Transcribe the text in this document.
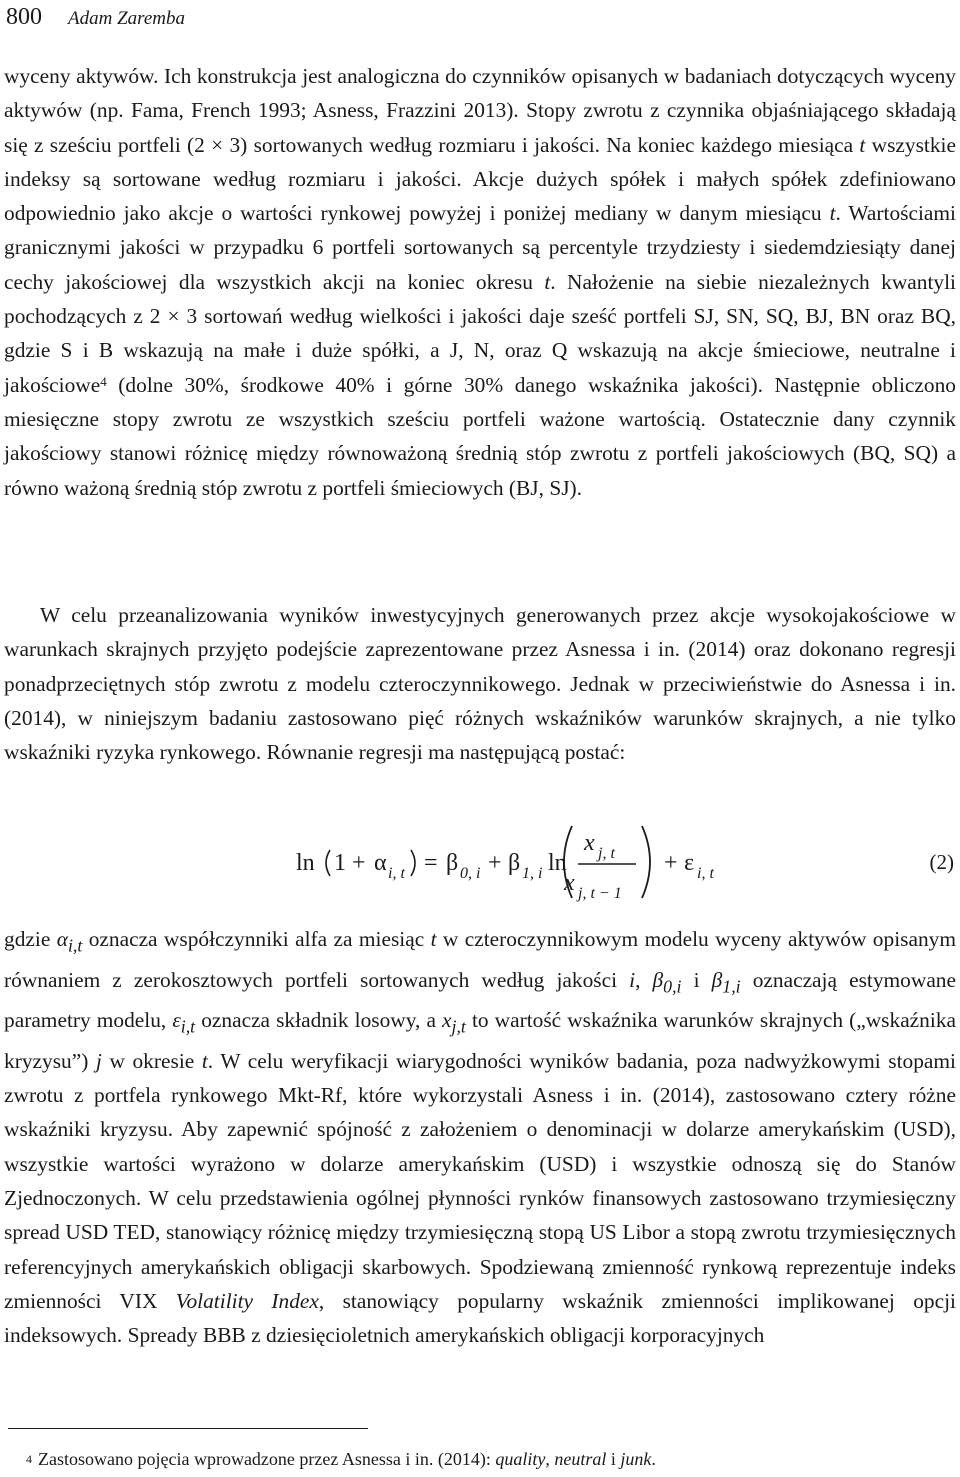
800 Adam Zaremba

wyceny aktywów. Ich konstrukcja jest analogiczna do czynników opisanych w badaniach dotyczących wyceny aktywów (np. Fama, French 1993; Asness, Frazzini 2013). Stopy zwrotu z czynnika objaśniającego składają się z sześciu portfeli (2 × 3) sortowanych według rozmiaru i jakości. Na koniec każdego miesiąca t wszystkie indeksy są sortowane według rozmiaru i jakości. Akcje dużych spółek i małych spółek zdefiniowano odpowiednio jako akcje o wartości rynkowej powyżej i poniżej mediany w danym miesiącu t. Wartościami granicznymi jakości w przypadku 6 portfeli sortowanych są percentyle trzydziesty i siedemdziesiąty danej cechy jakościowej dla wszystkich akcji na koniec okresu t. Nałożenie na siebie niezależnych kwantyli pochodzących z 2 × 3 sortowań według wielkości i jakości daje sześć portfeli SJ, SN, SQ, BJ, BN oraz BQ, gdzie S i B wskazują na małe i duże spółki, a J, N, oraz Q wskazują na akcje śmieciowe, neutralne i jakościowe$^4$ (dolne 30%, środkowe 40% i górne 30% danego wskaźnika jakości). Następnie obliczono miesięczne stopy zwrotu ze wszystkich sześciu portfeli ważone wartością. Ostatecznie dany czynnik jakościowy stanowi różnicę między równoważoną średnią stóp zwrotu z portfeli jakościowych (BQ, SQ) a równo ważoną średnią stóp zwrotu z portfeli śmieciowych (BJ, SJ).

W celu przeanalizowania wyników inwestycyjnych generowanych przez akcje wysokojakościowe w warunkach skrajnych przyjęto podejście zaprezentowane przez Asnessa i in. (2014) oraz dokonano regresji ponadprzeciętnych stóp zwrotu z modelu czteroczynnikowego. Jednak w przeciwieństwie do Asnessa i in. (2014), w niniejszym badaniu zastosowano pięć różnych wskaźników warunków skrajnych, a nie tylko wskaźniki ryzyka rynkowego. Równanie regresji ma następującą postać:

ln 1 + α i, t = β 0, i + β 1, i ln
x j, t
x j, t − 1
+ ε i, t	(2)

gdzie $\alpha_{i,t}$ oznacza współczynniki alfa za miesiąc t w czteroczynnikowym modelu wyceny aktywów opisanym równaniem z zerokosztowych portfeli sortowanych według jakości i, $\beta_{0,i}$ i $\beta_{1,i}$ oznaczają estymowane parametry modelu, $\varepsilon_{i,t}$ oznacza składnik losowy, a $x_{j,t}$ to wartość wskaźnika warunków skrajnych („wskaźnika kryzysu”) j w okresie t. W celu weryfikacji wiarygodności wyników badania, poza nadwyżkowymi stopami zwrotu z portfela rynkowego Mkt-Rf, które wykorzystali Asness i in. (2014), zastosowano cztery różne wskaźniki kryzysu. Aby zapewnić spójność z założeniem o denominacji w dolarze amerykańskim (USD), wszystkie wartości wyrażono w dolarze amerykańskim (USD) i wszystkie odnoszą się do Stanów Zjednoczonych. W celu przedstawienia ogólnej płynności rynków finansowych zastosowano trzymiesięczny spread USD TED, stanowiący różnicę między trzymiesięczną stopą US Libor a stopą zwrotu trzymiesięcznych referencyjnych amerykańskich obligacji skarbowych. Spodziewaną zmienność rynkową reprezentuje indeks zmienności VIX Volatility Index, stanowiący popularny wskaźnik zmienności implikowanej opcji indeksowych. Spready BBB z dziesięcioletnich amerykańskich obligacji korporacyjnych

$^4$ Zastosowano pojęcia wprowadzone przez Asnessa i in. (2014): quality, neutral i junk.
